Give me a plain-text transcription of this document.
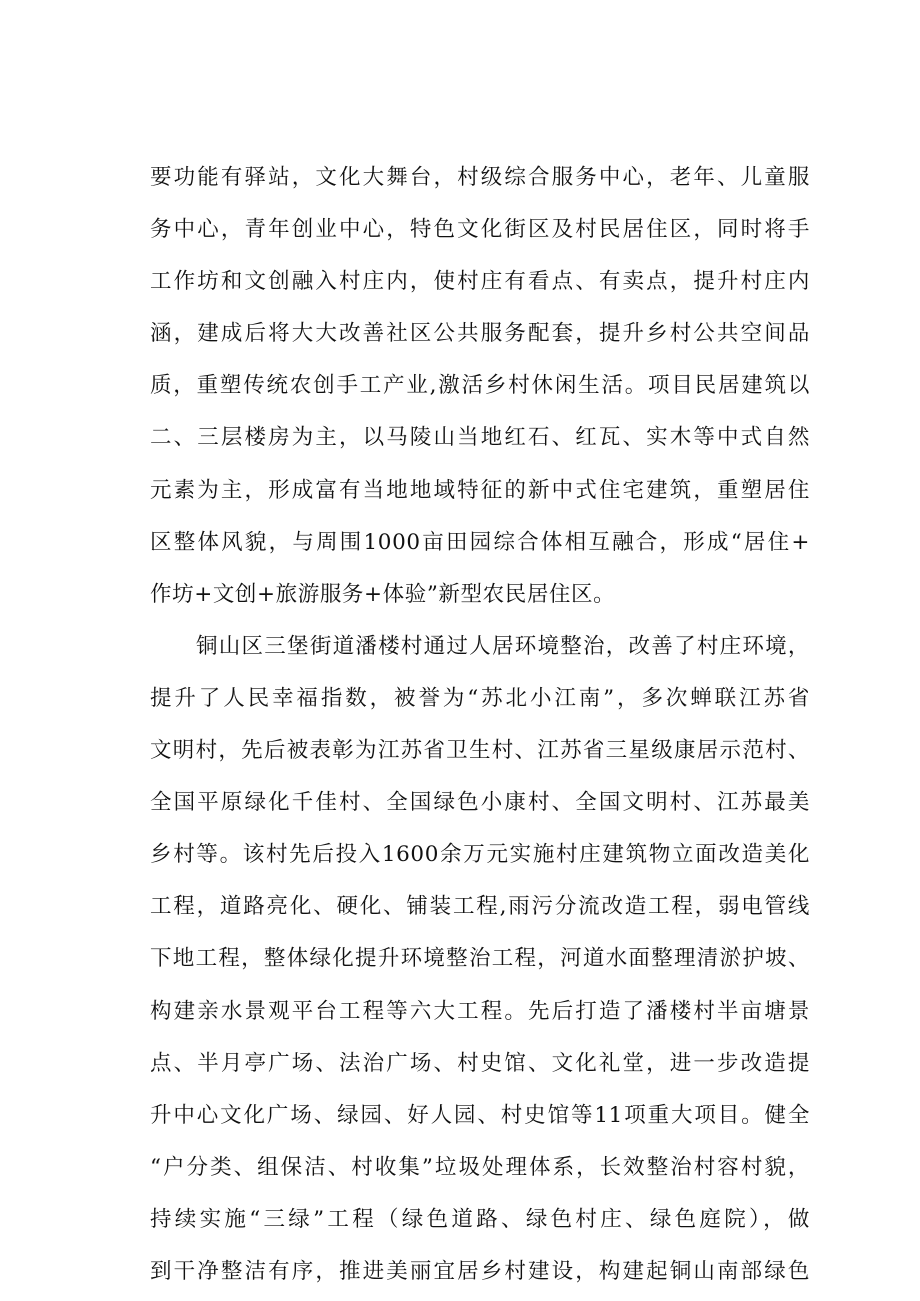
要功能有驿站，文化大舞台，村级综合服务中心，老年、儿童服
务中心，青年创业中心，特色文化街区及村民居住区，同时将手
工作坊和文创融入村庄内，使村庄有看点、有卖点，提升村庄内
涵，建成后将大大改善社区公共服务配套，提升乡村公共空间品
质，重塑传统农创手工产业,激活乡村休闲生活。项目民居建筑以
二、三层楼房为主，以马陵山当地红石、红瓦、实木等中式自然
元素为主，形成富有当地地域特征的新中式住宅建筑，重塑居住
区整体风貌，与周围1000亩田园综合体相互融合，形成“居住+
作坊+文创+旅游服务+体验”新型农民居住区。
铜山区三堡街道潘楼村通过人居环境整治，改善了村庄环境，
提升了人民幸福指数，被誉为“苏北小江南”，多次蝉联江苏省
文明村，先后被表彰为江苏省卫生村、江苏省三星级康居示范村、
全国平原绿化千佳村、全国绿色小康村、全国文明村、江苏最美
乡村等。该村先后投入1600余万元实施村庄建筑物立面改造美化
工程，道路亮化、硬化、铺装工程,雨污分流改造工程，弱电管线
下地工程，整体绿化提升环境整治工程，河道水面整理清淤护坡、
构建亲水景观平台工程等六大工程。先后打造了潘楼村半亩塘景
点、半月亭广场、法治广场、村史馆、文化礼堂，进一步改造提
升中心文化广场、绿园、好人园、村史馆等11项重大项目。健全
“户分类、组保洁、村收集”垃圾处理体系，长效整治村容村貌，
持续实施“三绿”工程（绿色道路、绿色村庄、绿色庭院），做
到干净整洁有序，推进美丽宜居乡村建设，构建起铜山南部绿色
